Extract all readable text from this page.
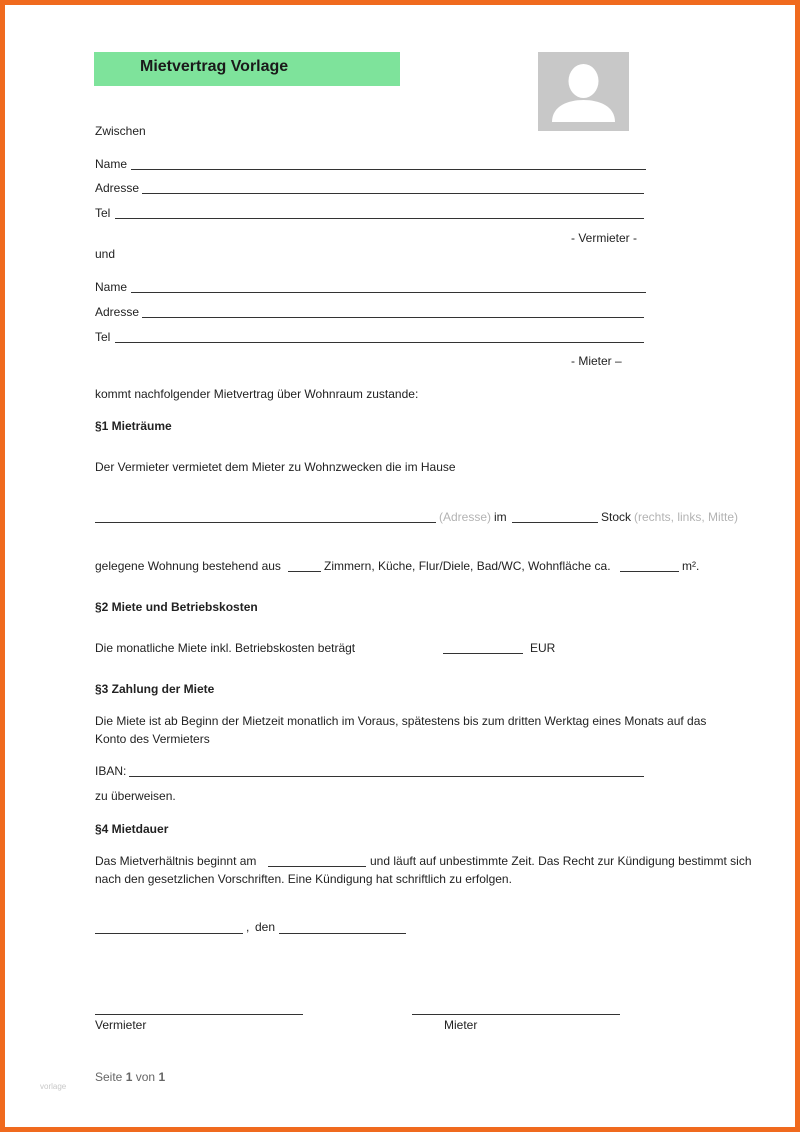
Mietvertrag Vorlage
Zwischen
Name
Adresse
Tel
- Vermieter -
und
Name
Adresse
Tel
- Mieter –
kommt nachfolgender Mietvertrag über Wohnraum zustande:
§1 Mieträume
Der Vermieter vermietet dem Mieter zu Wohnzwecken die im Hause
(Adresse) im	Stock (rechts, links, Mitte)
gelegene Wohnung bestehend aus	Zimmern, Küche, Flur/Diele, Bad/WC, Wohnfläche ca.	m².
§2 Miete und Betriebskosten
Die monatliche Miete inkl. Betriebskosten beträgt	EUR
§3 Zahlung der Miete
Die Miete ist ab Beginn der Mietzeit monatlich im Voraus, spätestens bis zum dritten Werktag eines Monats auf das
Konto des Vermieters
IBAN:
zu überweisen.
§4 Mietdauer
Das Mietverhältnis beginnt am	und läuft auf unbestimmte Zeit. Das Recht zur Kündigung bestimmt sich
nach den gesetzlichen Vorschriften. Eine Kündigung hat schriftlich zu erfolgen.
, den
Vermieter	Mieter
Seite 1 von 1
vorlage
